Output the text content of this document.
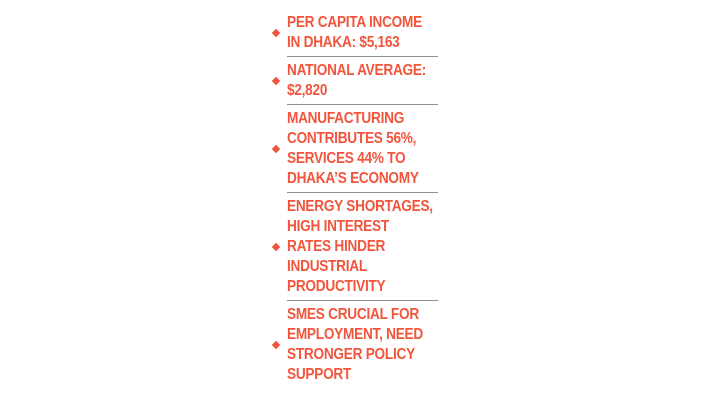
PER CAPITA INCOME
IN DHAKA: $5,163
NATIONAL AVERAGE:
$2,820
MANUFACTURING
CONTRIBUTES 56%,
SERVICES 44% TO
DHAKA’S ECONOMY
ENERGY SHORTAGES,
HIGH INTEREST
RATES HINDER
INDUSTRIAL
PRODUCTIVITY
SMES CRUCIAL FOR
EMPLOYMENT, NEED
STRONGER POLICY
SUPPORT
